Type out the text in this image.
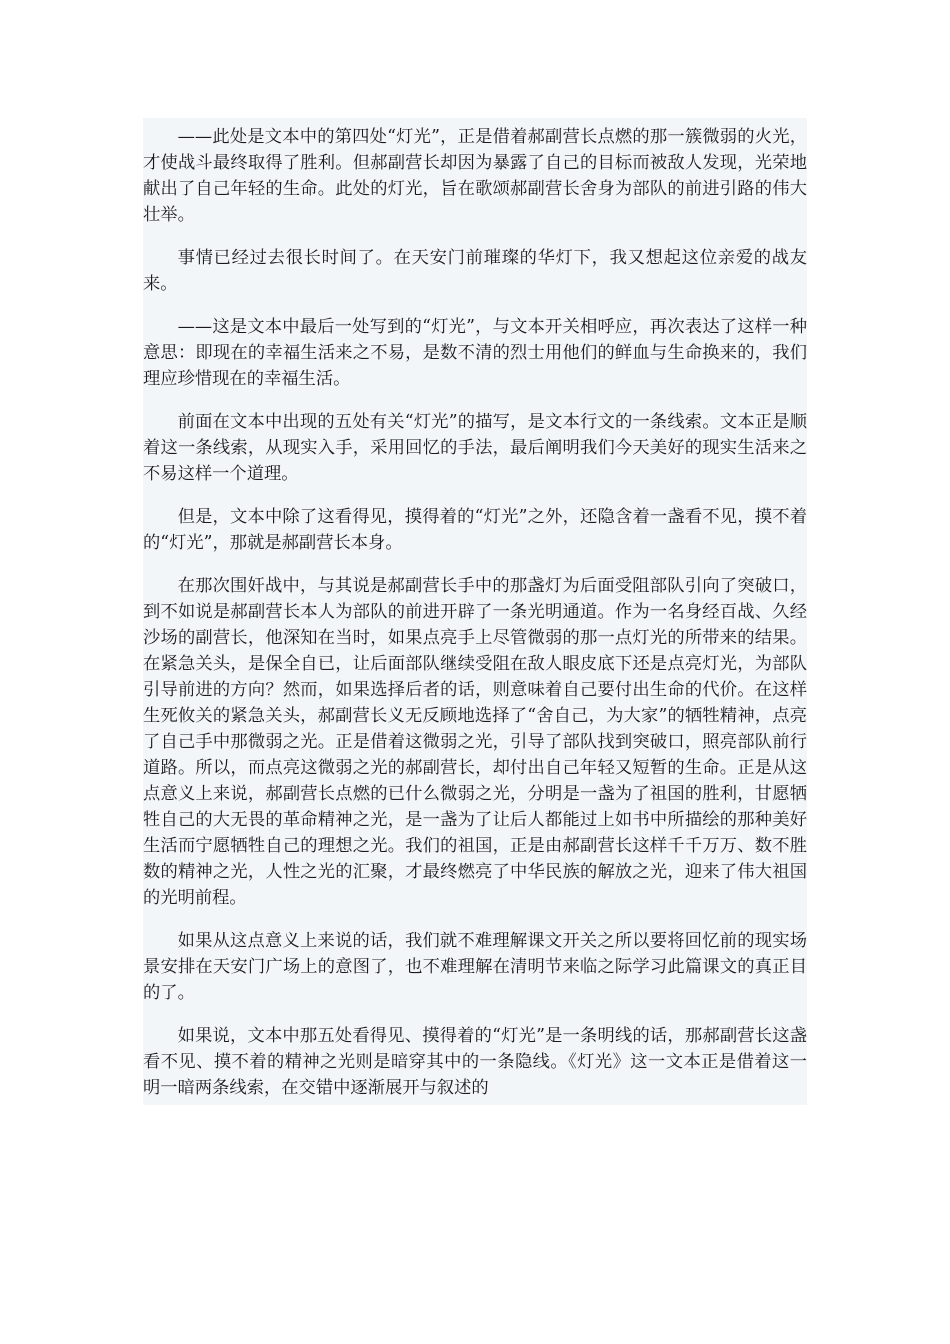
——此处是文本中的第四处“灯光”，正是借着郝副营长点燃的那一簇微弱的火光，才使战斗最终取得了胜利。但郝副营长却因为暴露了自己的目标而被敌人发现，光荣地献出了自己年轻的生命。此处的灯光，旨在歌颂郝副营长舍身为部队的前进引路的伟大壮举。

事情已经过去很长时间了。在天安门前璀璨的华灯下，我又想起这位亲爱的战友来。

——这是文本中最后一处写到的“灯光”，与文本开关相呼应，再次表达了这样一种意思：即现在的幸福生活来之不易，是数不清的烈士用他们的鲜血与生命换来的，我们理应珍惜现在的幸福生活。

前面在文本中出现的五处有关“灯光”的描写，是文本行文的一条线索。文本正是顺着这一条线索，从现实入手，采用回忆的手法，最后阐明我们今天美好的现实生活来之不易这样一个道理。

但是，文本中除了这看得见，摸得着的“灯光”之外，还隐含着一盏看不见，摸不着的“灯光”，那就是郝副营长本身。

在那次围奸战中，与其说是郝副营长手中的那盏灯为后面受阻部队引向了突破口，到不如说是郝副营长本人为部队的前进开辟了一条光明通道。作为一名身经百战、久经沙场的副营长，他深知在当时，如果点亮手上尽管微弱的那一点灯光的所带来的结果。在紧急关头，是保全自已，让后面部队继续受阻在敌人眼皮底下还是点亮灯光，为部队引导前进的方向？然而，如果选择后者的话，则意味着自己要付出生命的代价。在这样生死攸关的紧急关头，郝副营长义无反顾地选择了“舍自己，为大家”的牺牲精神，点亮了自己手中那微弱之光。正是借着这微弱之光，引导了部队找到突破口，照亮部队前行道路。所以，而点亮这微弱之光的郝副营长，却付出自己年轻又短暂的生命。正是从这点意义上来说，郝副营长点燃的已什么微弱之光，分明是一盏为了祖国的胜利，甘愿牺牲自己的大无畏的革命精神之光，是一盏为了让后人都能过上如书中所描绘的那种美好生活而宁愿牺牲自己的理想之光。我们的祖国，正是由郝副营长这样千千万万、数不胜数的精神之光，人性之光的汇聚，才最终燃亮了中华民族的解放之光，迎来了伟大祖国的光明前程。

如果从这点意义上来说的话，我们就不难理解课文开关之所以要将回忆前的现实场景安排在天安门广场上的意图了，也不难理解在清明节来临之际学习此篇课文的真正目的了。

如果说，文本中那五处看得见、摸得着的“灯光”是一条明线的话，那郝副营长这盏看不见、摸不着的精神之光则是暗穿其中的一条隐线。《灯光》这一文本正是借着这一明一暗两条线索，在交错中逐渐展开与叙述的
